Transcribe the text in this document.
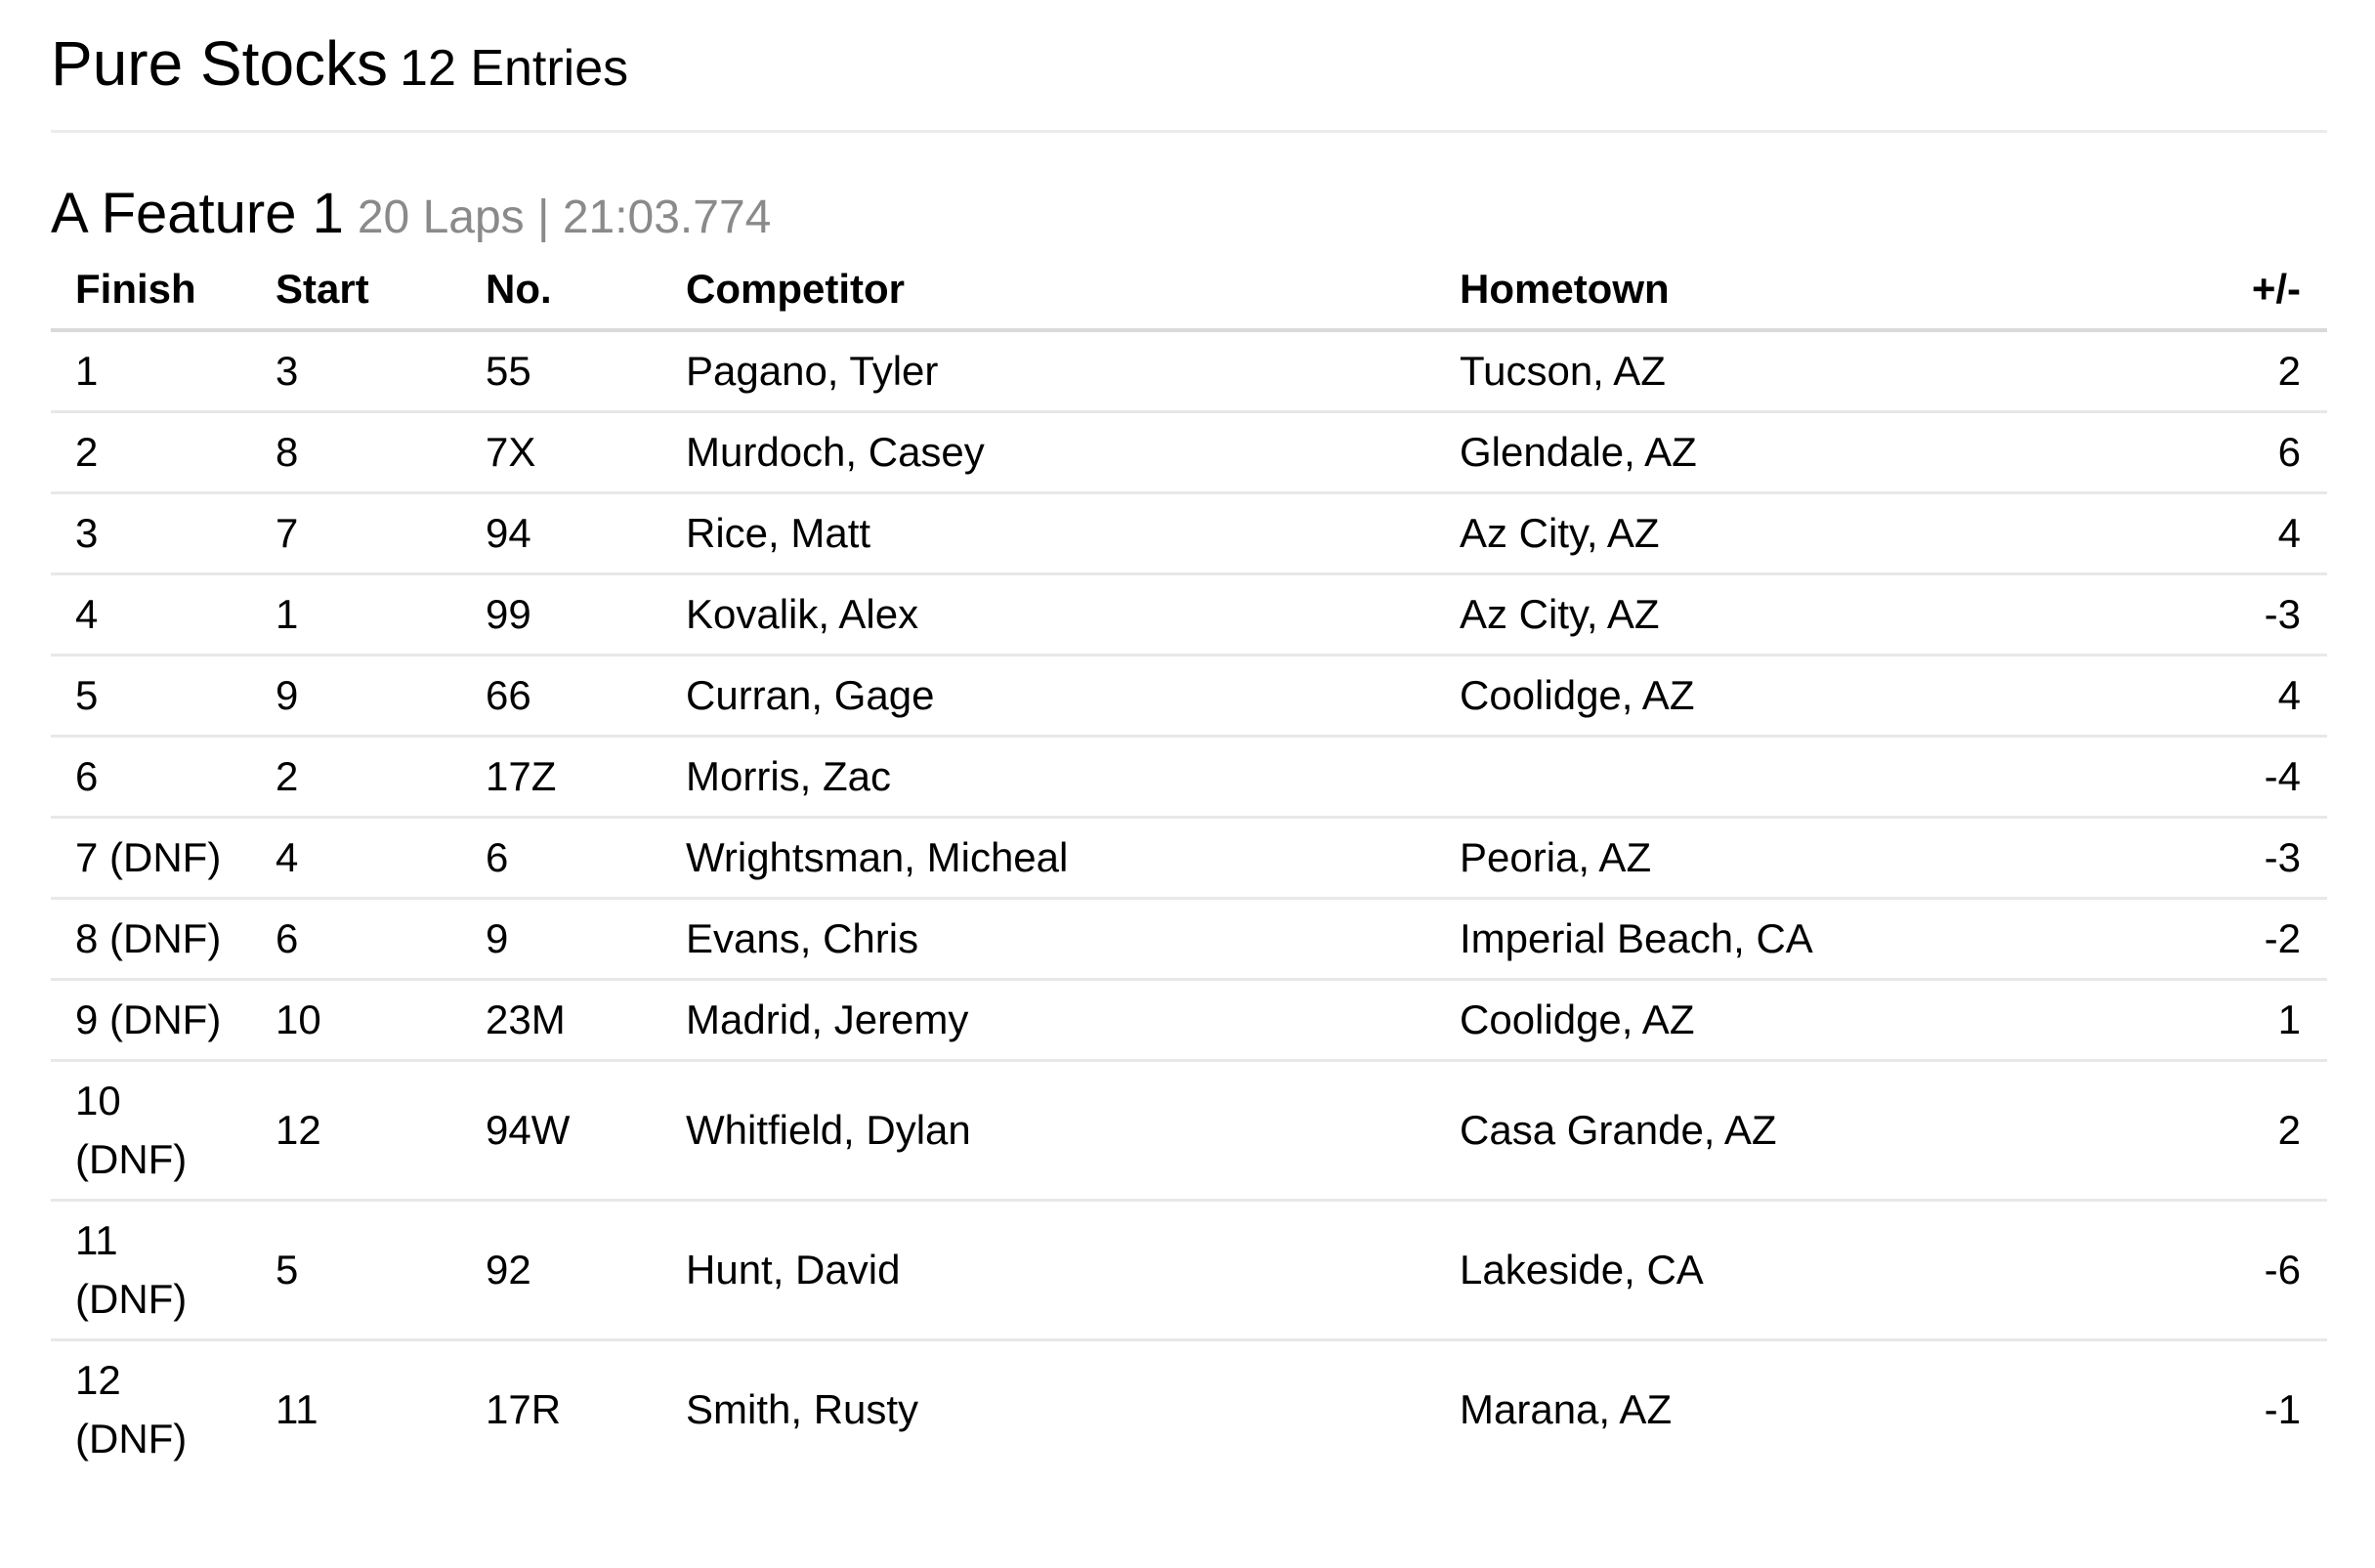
Pure Stocks 12 Entries
A Feature 1 20 Laps | 21:03.774
Finish	Start	No.	Competitor	Hometown	+/-
1	3	55	Pagano, Tyler	Tucson, AZ	2
2	8	7X	Murdoch, Casey	Glendale, AZ	6
3	7	94	Rice, Matt	Az City, AZ	4
4	1	99	Kovalik, Alex	Az City, AZ	-3
5	9	66	Curran, Gage	Coolidge, AZ	4
6	2	17Z	Morris, Zac		-4
7 (DNF)	4	6	Wrightsman, Micheal	Peoria, AZ	-3
8 (DNF)	6	9	Evans, Chris	Imperial Beach, CA	-2
9 (DNF)	10	23M	Madrid, Jeremy	Coolidge, AZ	1
10 (DNF)	12	94W	Whitfield, Dylan	Casa Grande, AZ	2
11 (DNF)	5	92	Hunt, David	Lakeside, CA	-6
12 (DNF)	11	17R	Smith, Rusty	Marana, AZ	-1
